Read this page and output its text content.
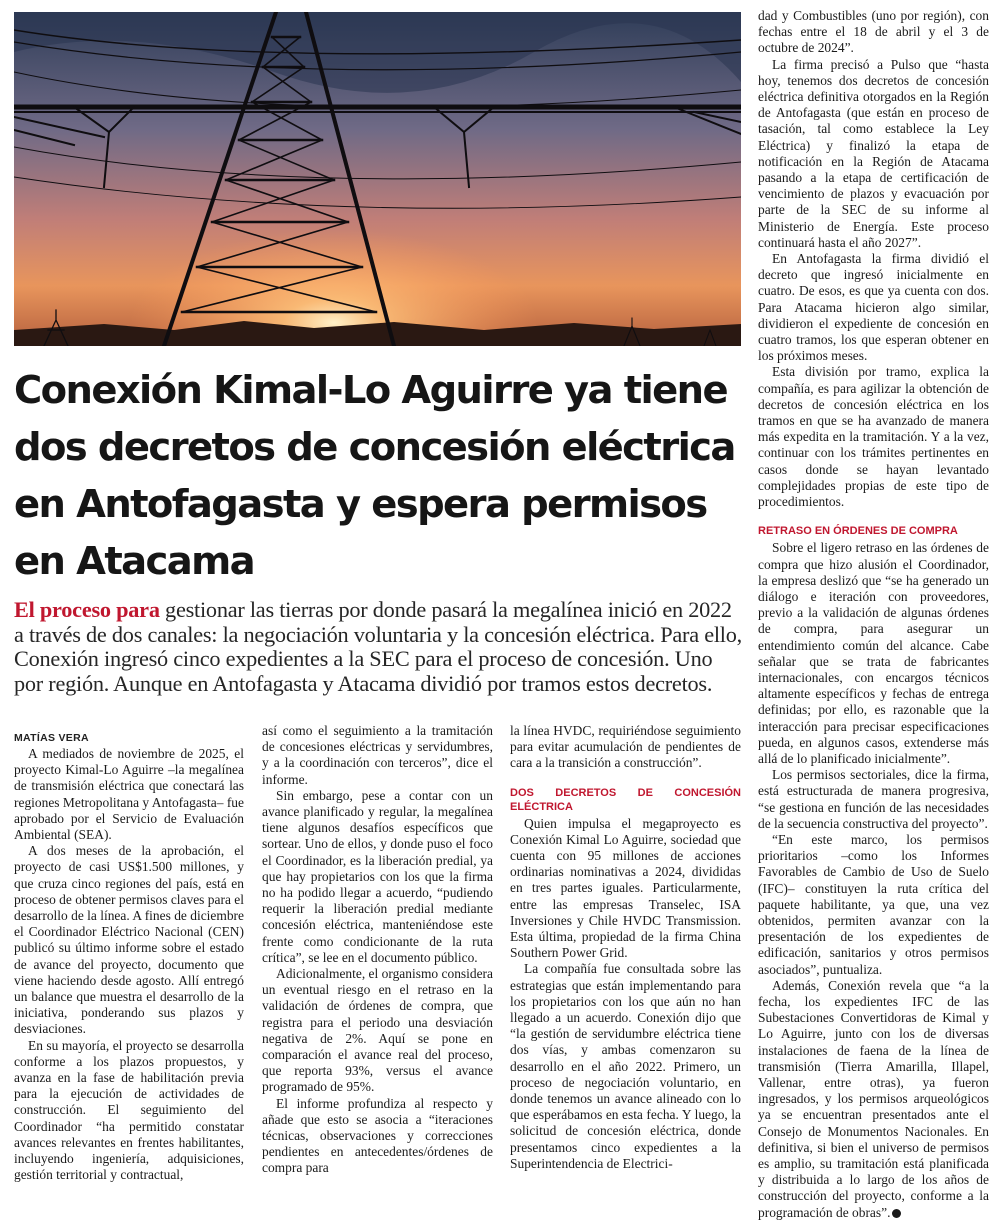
Conexión Kimal-Lo Aguirre ya tiene dos decretos de concesión eléctrica en Antofagasta y espera permisos en Atacama

El proceso para gestionar las tierras por donde pasará la megalínea inició en 2022 a través de dos canales: la negociación voluntaria y la concesión eléctrica. Para ello, Conexión ingresó cinco expedientes a la SEC para el proceso de concesión. Uno por región. Aunque en Antofagasta y Atacama dividió por tramos estos decretos.

MATÍAS VERA

A mediados de noviembre de 2025, el proyecto Kimal-Lo Aguirre –la megalínea de transmisión eléctrica que conectará las regiones Metropolitana y Antofagasta– fue aprobado por el Servicio de Evaluación Ambiental (SEA).

A dos meses de la aprobación, el proyecto de casi US$1.500 millones, y que cruza cinco regiones del país, está en proceso de obtener permisos claves para el desarrollo de la línea. A fines de diciembre el Coordinador Eléctrico Nacional (CEN) publicó su último informe sobre el estado de avance del proyecto, documento que viene haciendo desde agosto. Allí entregó un balance que muestra el desarrollo de la iniciativa, ponderando sus plazos y desviaciones.

En su mayoría, el proyecto se desarrolla conforme a los plazos propuestos, y avanza en la fase de habilitación previa para la ejecución de actividades de construcción. El seguimiento del Coordinador “ha permitido constatar avances relevantes en frentes habilitantes, incluyendo ingeniería, adquisiciones, gestión territorial y contractual,

así como el seguimiento a la tramitación de concesiones eléctricas y servidumbres, y a la coordinación con terceros”, dice el informe.

Sin embargo, pese a contar con un avance planificado y regular, la megalínea tiene algunos desafíos específicos que sortear. Uno de ellos, y donde puso el foco el Coordinador, es la liberación predial, ya que hay propietarios con los que la firma no ha podido llegar a acuerdo, “pudiendo requerir la liberación predial mediante concesión eléctrica, manteniéndose este frente como condicionante de la ruta crítica”, se lee en el documento público.

Adicionalmente, el organismo considera un eventual riesgo en el retraso en la validación de órdenes de compra, que registra para el periodo una desviación negativa de 2%. Aquí se pone en comparación el avance real del proceso, que reporta 93%, versus el avance programado de 95%.

El informe profundiza al respecto y añade que esto se asocia a “iteraciones técnicas, observaciones y correcciones pendientes en antecedentes/órdenes de compra para

la línea HVDC, requiriéndose seguimiento para evitar acumulación de pendientes de cara a la transición a construcción”.

DOS DECRETOS DE CONCESIÓN ELÉCTRICA

Quien impulsa el megaproyecto es Conexión Kimal Lo Aguirre, sociedad que cuenta con 95 millones de acciones ordinarias nominativas a 2024, divididas en tres partes iguales. Particularmente, entre las empresas Transelec, ISA Inversiones y Chile HVDC Transmission. Esta última, propiedad de la firma China Southern Power Grid.

La compañía fue consultada sobre las estrategias que están implementando para los propietarios con los que aún no han llegado a un acuerdo. Conexión dijo que “la gestión de servidumbre eléctrica tiene dos vías, y ambas comenzaron su desarrollo en el año 2022. Primero, un proceso de negociación voluntario, en donde tenemos un avance alineado con lo que esperábamos en esta fecha. Y luego, la solicitud de concesión eléctrica, donde presentamos cinco expedientes a la Superintendencia de Electrici-

dad y Combustibles (uno por región), con fechas entre el 18 de abril y el 3 de octubre de 2024”.

La firma precisó a Pulso que “hasta hoy, tenemos dos decretos de concesión eléctrica definitiva otorgados en la Región de Antofagasta (que están en proceso de tasación, tal como establece la Ley Eléctrica) y finalizó la etapa de notificación en la Región de Atacama pasando a la etapa de certificación de vencimiento de plazos y evacuación por parte de la SEC de su informe al Ministerio de Energía. Este proceso continuará hasta el año 2027”.

En Antofagasta la firma dividió el decreto que ingresó inicialmente en cuatro. De esos, es que ya cuenta con dos. Para Atacama hicieron algo similar, dividieron el expediente de concesión en cuatro tramos, los que esperan obtener en los próximos meses.

Esta división por tramo, explica la compañía, es para agilizar la obtención de decretos de concesión eléctrica en los tramos en que se ha avanzado de manera más expedita en la tramitación. Y a la vez, continuar con los trámites pertinentes en casos donde se hayan levantado complejidades propias de este tipo de procedimientos.

RETRASO EN ÓRDENES DE COMPRA

Sobre el ligero retraso en las órdenes de compra que hizo alusión el Coordinador, la empresa deslizó que “se ha generado un diálogo e iteración con proveedores, previo a la validación de algunas órdenes de compra, para asegurar un entendimiento común del alcance. Cabe señalar que se trata de fabricantes internacionales, con encargos técnicos altamente específicos y fechas de entrega definidas; por ello, es razonable que la interacción para precisar especificaciones pueda, en algunos casos, extenderse más allá de lo planificado inicialmente”.

Los permisos sectoriales, dice la firma, está estructurada de manera progresiva, “se gestiona en función de las necesidades de la secuencia constructiva del proyecto”.

“En este marco, los permisos prioritarios –como los Informes Favorables de Cambio de Uso de Suelo (IFC)– constituyen la ruta crítica del paquete habilitante, ya que, una vez obtenidos, permiten avanzar con la presentación de los expedientes de edificación, sanitarios y otros permisos asociados”, puntualiza.

Además, Conexión revela que “a la fecha, los expedientes IFC de las Subestaciones Convertidoras de Kimal y Lo Aguirre, junto con los de diversas instalaciones de faena de la línea de transmisión (Tierra Amarilla, Illapel, Vallenar, entre otras), ya fueron ingresados, y los permisos arqueológicos ya se encuentran presentados ante el Consejo de Monumentos Nacionales. En definitiva, si bien el universo de permisos es amplio, su tramitación está planificada y distribuida a lo largo de los años de construcción del proyecto, conforme a la programación de obras”. P
